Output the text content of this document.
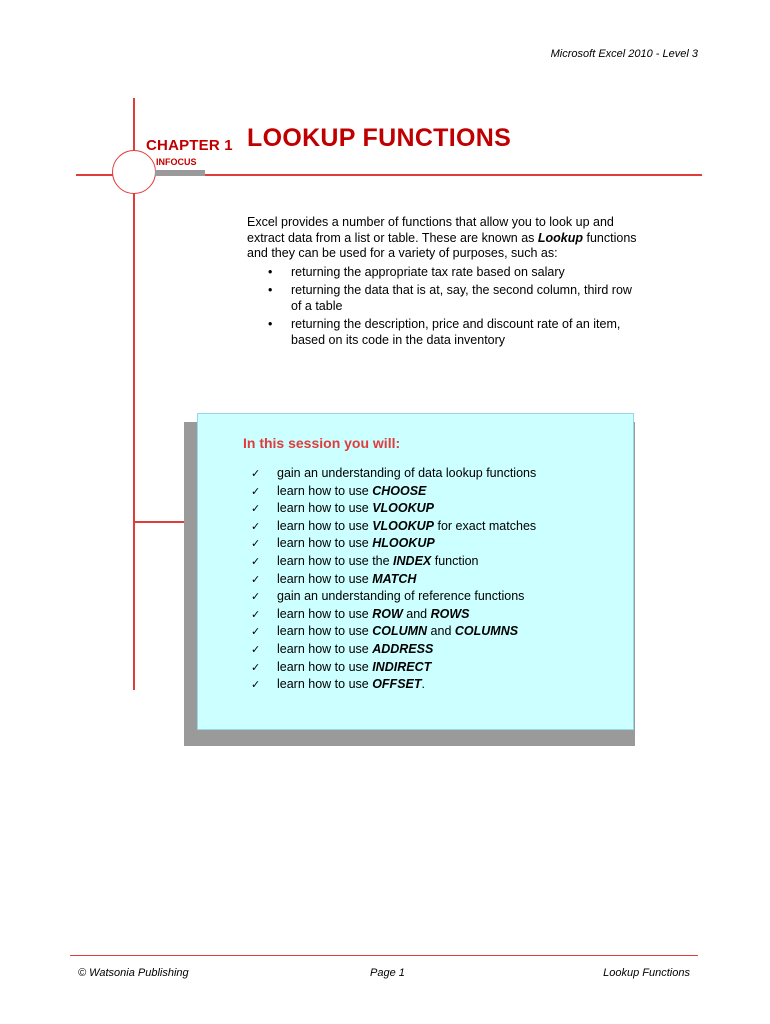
Microsoft Excel 2010 - Level 3
CHAPTER 1
INFOCUS
LOOKUP FUNCTIONS

Excel provides a number of functions that allow you to look up and extract data from a list or table. These are known as Lookup functions and they can be used for a variety of purposes, such as:

• returning the appropriate tax rate based on salary
• returning the data that is at, say, the second column, third row of a table
• returning the description, price and discount rate of an item, based on its code in the data inventory
In this session you will:
✓ gain an understanding of data lookup functions
✓ learn how to use CHOOSE
✓ learn how to use VLOOKUP
✓ learn how to use VLOOKUP for exact matches
✓ learn how to use HLOOKUP
✓ learn how to use the INDEX function
✓ learn how to use MATCH
✓ gain an understanding of reference functions
✓ learn how to use ROW and ROWS
✓ learn how to use COLUMN and COLUMNS
✓ learn how to use ADDRESS
✓ learn how to use INDIRECT
✓ learn how to use OFFSET.
© Watsonia Publishing	Page 1	Lookup Functions
